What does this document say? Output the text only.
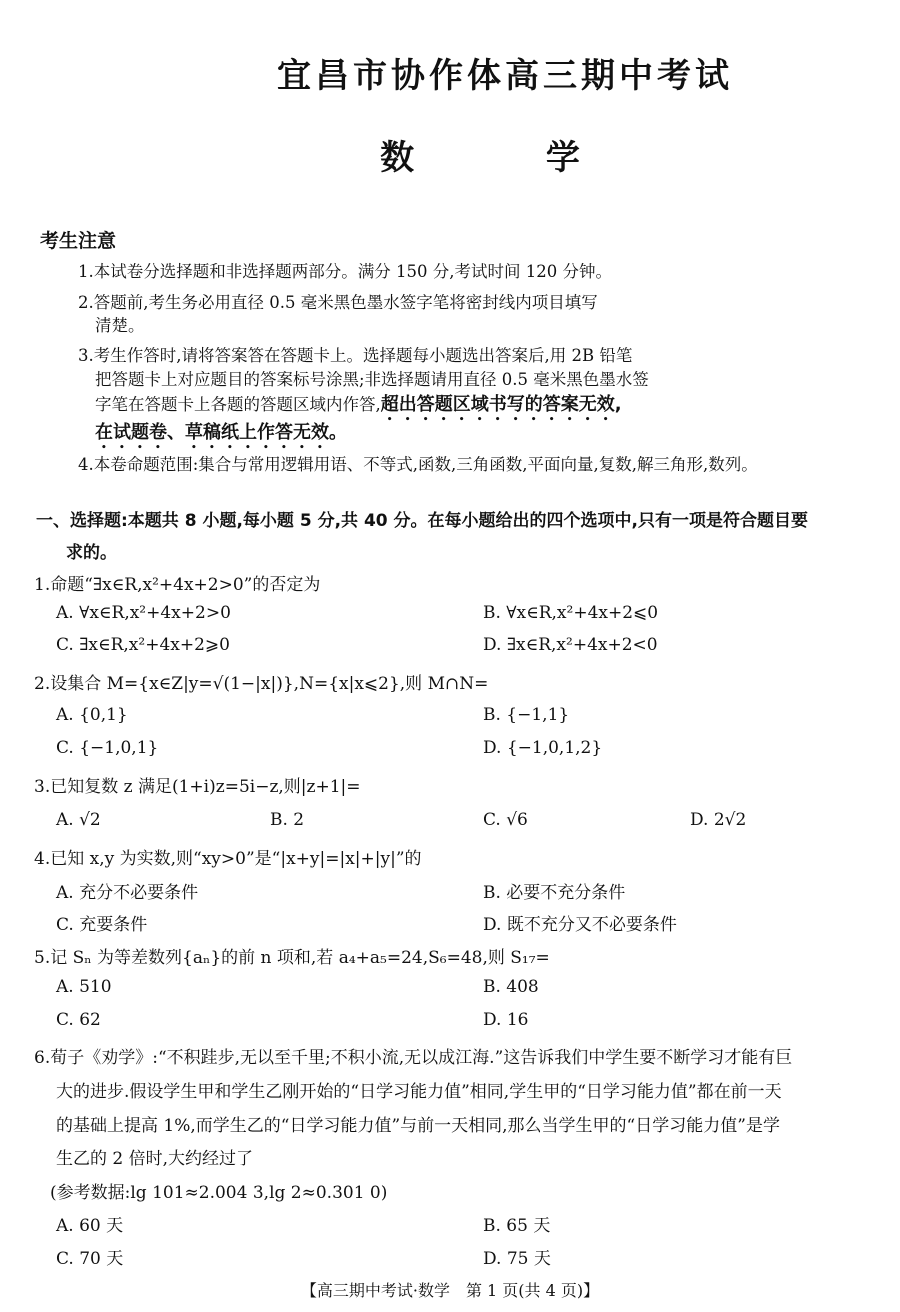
宜昌市协作体高三期中考试
数 学
考生注意
1.本试卷分选择题和非选择题两部分。满分 150 分,考试时间 120 分钟。
2.答题前,考生务必用直径 0.5 毫米黑色墨水签字笔将密封线内项目填写
清楚。
3.考生作答时,请将答案答在答题卡上。选择题每小题选出答案后,用 2B 铅笔
把答题卡上对应题目的答案标号涂黑;非选择题请用直径 0.5 毫米黑色墨水签
字笔在答题卡上各题的答题区域内作答,超出答题区域书写的答案无效,
在试题卷、草稿纸上作答无效。
4.本卷命题范围:集合与常用逻辑用语、不等式,函数,三角函数,平面向量,复数,解三角形,数列。
一、选择题:本题共 8 小题,每小题 5 分,共 40 分。在每小题给出的四个选项中,只有一项是符合题目要
求的。
1.命题“∃x∈R,x²+4x+2>0”的否定为
A. ∀x∈R,x²+4x+2>0	B. ∀x∈R,x²+4x+2⩽0
C. ∃x∈R,x²+4x+2⩾0	D. ∃x∈R,x²+4x+2<0
2.设集合 M={x∈Z|y=√(1−|x|)},N={x|x⩽2},则 M∩N=
A. {0,1}	B. {−1,1}
C. {−1,0,1}	D. {−1,0,1,2}
3.已知复数 z 满足(1+i)z=5i−z,则|z+1|=
A. √2	B. 2	C. √6	D. 2√2
4.已知 x,y 为实数,则“xy>0”是“|x+y|=|x|+|y|”的
A. 充分不必要条件	B. 必要不充分条件
C. 充要条件	D. 既不充分又不必要条件
5.记 Sₙ 为等差数列{aₙ}的前 n 项和,若 a₄+a₅=24,S₆=48,则 S₁₇=
A. 510	B. 408
C. 62	D. 16
6.荀子《劝学》:“不积跬步,无以至千里;不积小流,无以成江海.”这告诉我们中学生要不断学习才能有巨
大的进步.假设学生甲和学生乙刚开始的“日学习能力值”相同,学生甲的“日学习能力值”都在前一天
的基础上提高 1%,而学生乙的“日学习能力值”与前一天相同,那么当学生甲的“日学习能力值”是学
生乙的 2 倍时,大约经过了
(参考数据:lg 101≈2.004 3,lg 2≈0.301 0)
A. 60 天	B. 65 天
C. 70 天	D. 75 天
【高三期中考试·数学　第 1 页(共 4 页)】
